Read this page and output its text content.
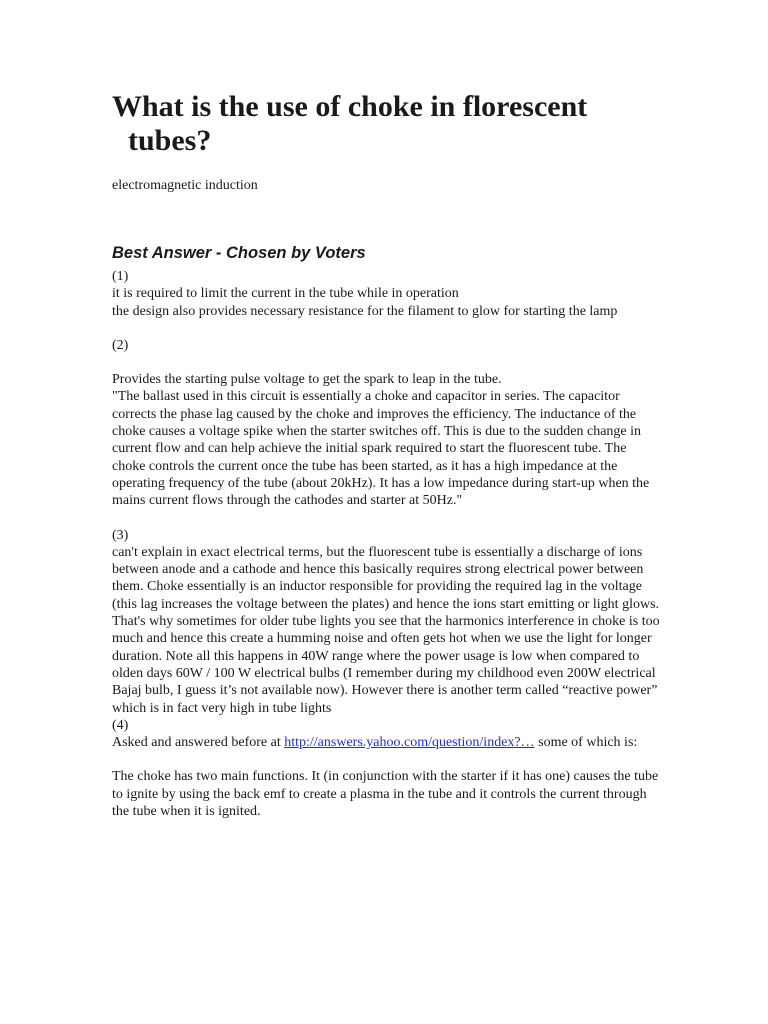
What is the use of choke in florescent tubes?

electromagnetic induction

Best Answer - Chosen by Voters

(1)

it is required to limit the current in the tube while in operation

the design also provides necessary resistance for the filament to glow for starting the lamp

(2)

Provides the starting pulse voltage to get the spark to leap in the tube.

"The ballast used in this circuit is essentially a choke and capacitor in series. The capacitor corrects the phase lag caused by the choke and improves the efficiency. The inductance of the choke causes a voltage spike when the starter switches off. This is due to the sudden change in current flow and can help achieve the initial spark required to start the fluorescent tube. The choke controls the current once the tube has been started, as it has a high impedance at the operating frequency of the tube (about 20kHz). It has a low impedance during start-up when the mains current flows through the cathodes and starter at 50Hz."

(3)

can't explain in exact electrical terms, but the fluorescent tube is essentially a discharge of ions between anode and a cathode and hence this basically requires strong electrical power between them. Choke essentially is an inductor responsible for providing the required lag in the voltage (this lag increases the voltage between the plates) and hence the ions start emitting or light glows. That's why sometimes for older tube lights you see that the harmonics interference in choke is too much and hence this create a humming noise and often gets hot when we use the light for longer duration. Note all this happens in 40W range where the power usage is low when compared to olden days 60W / 100 W electrical bulbs (I remember during my childhood even 200W electrical Bajaj bulb, I guess it’s not available now). However there is another term called “reactive power” which is in fact very high in tube lights

(4)

Asked and answered before at http://answers.yahoo.com/question/index?… some of which is:

The choke has two main functions. It (in conjunction with the starter if it has one) causes the tube to ignite by using the back emf to create a plasma in the tube and it controls the current through the tube when it is ignited.
